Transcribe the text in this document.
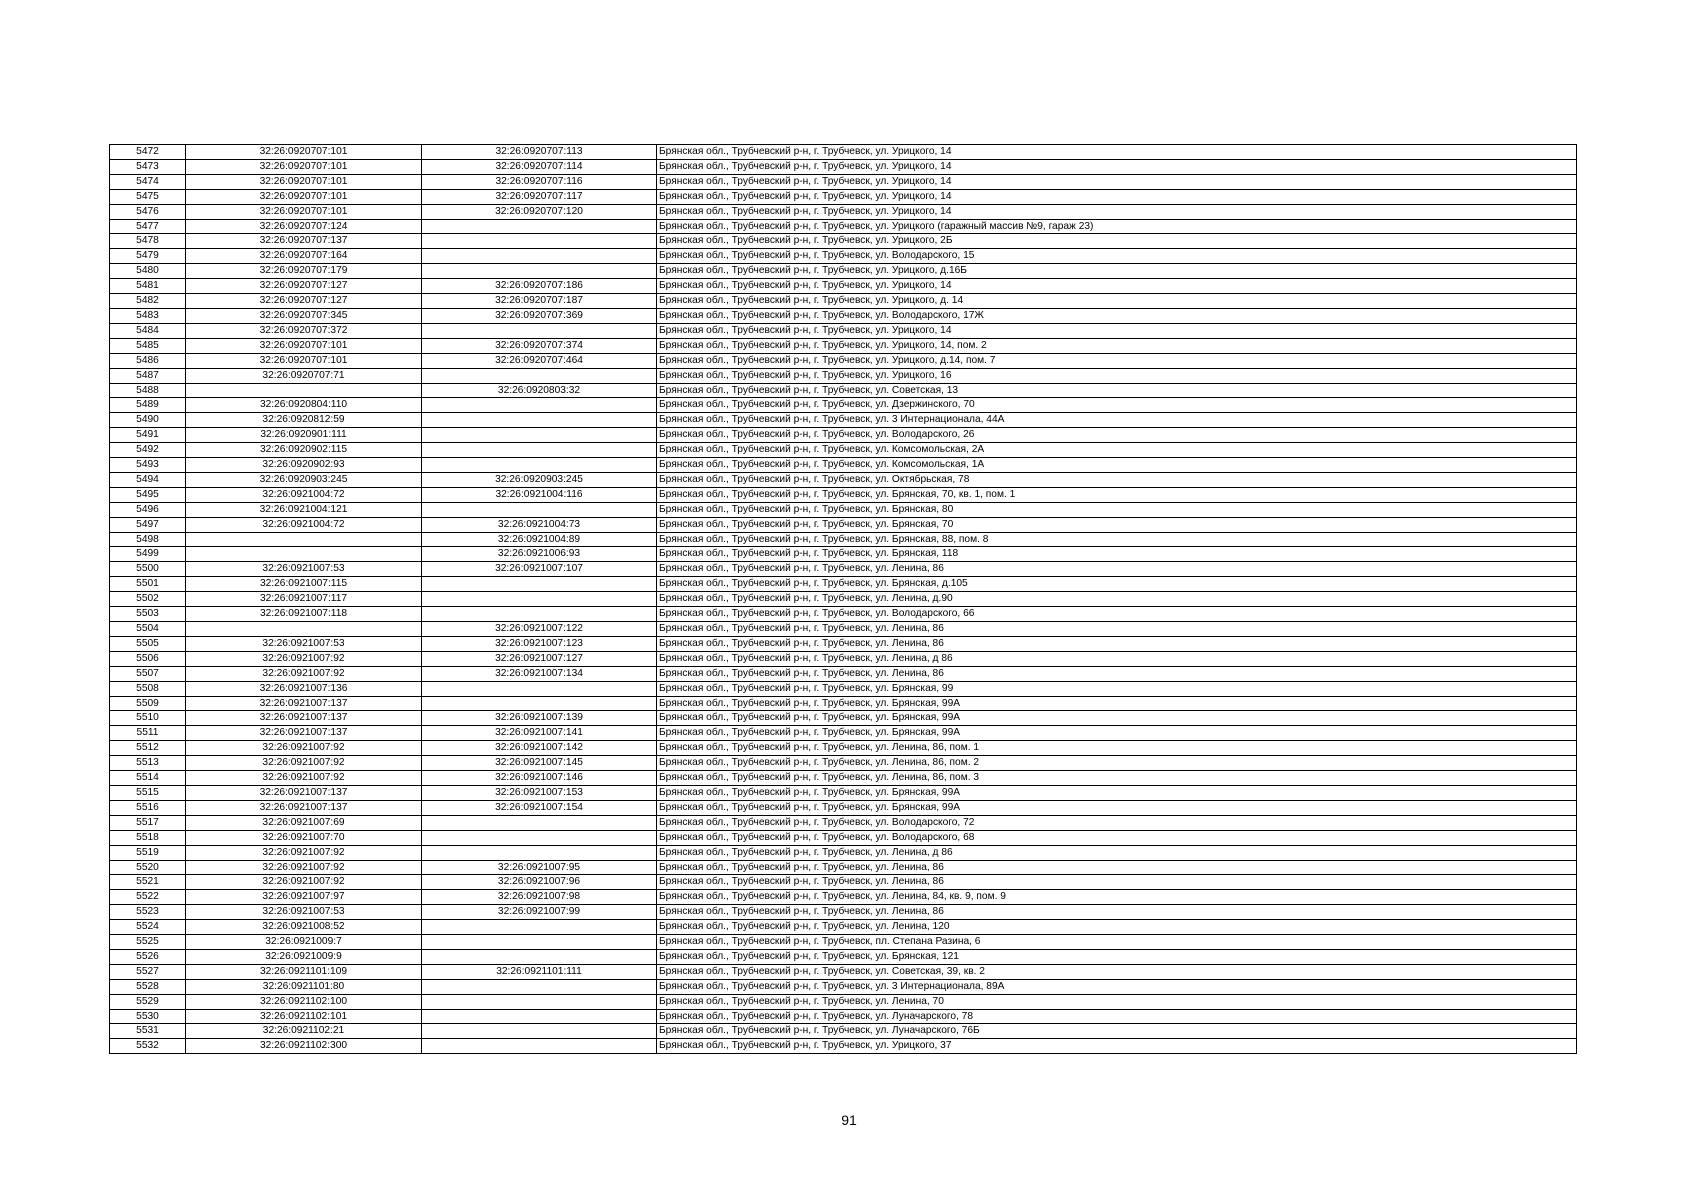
5472	32:26:0920707:101	32:26:0920707:113	Брянская обл., Трубчевский р-н, г. Трубчевск, ул. Урицкого, 14
5473	32:26:0920707:101	32:26:0920707:114	Брянская обл., Трубчевский р-н, г. Трубчевск, ул. Урицкого, 14
5474	32:26:0920707:101	32:26:0920707:116	Брянская обл., Трубчевский р-н, г. Трубчевск, ул. Урицкого, 14
5475	32:26:0920707:101	32:26:0920707:117	Брянская обл., Трубчевский р-н, г. Трубчевск, ул. Урицкого, 14
5476	32:26:0920707:101	32:26:0920707:120	Брянская обл., Трубчевский р-н, г. Трубчевск, ул. Урицкого, 14
5477	32:26:0920707:124		Брянская обл., Трубчевский р-н, г. Трубчевск, ул. Урицкого (гаражный массив №9, гараж 23)
5478	32:26:0920707:137		Брянская обл., Трубчевский р-н, г. Трубчевск, ул. Урицкого, 2Б
5479	32:26:0920707:164		Брянская обл., Трубчевский р-н, г. Трубчевск, ул. Володарского, 15
5480	32:26:0920707:179		Брянская обл., Трубчевский р-н, г. Трубчевск, ул. Урицкого, д.16Б
5481	32:26:0920707:127	32:26:0920707:186	Брянская обл., Трубчевский р-н, г. Трубчевск, ул. Урицкого, 14
5482	32:26:0920707:127	32:26:0920707:187	Брянская обл., Трубчевский р-н, г. Трубчевск, ул. Урицкого, д. 14
5483	32:26:0920707:345	32:26:0920707:369	Брянская обл., Трубчевский р-н, г. Трубчевск, ул. Володарского, 17Ж
5484	32:26:0920707:372		Брянская обл., Трубчевский р-н, г. Трубчевск, ул. Урицкого, 14
5485	32:26:0920707:101	32:26:0920707:374	Брянская обл., Трубчевский р-н, г. Трубчевск, ул. Урицкого, 14, пом. 2
5486	32:26:0920707:101	32:26:0920707:464	Брянская обл., Трубчевский р-н, г. Трубчевск, ул. Урицкого, д.14, пом. 7
5487	32:26:0920707:71		Брянская обл., Трубчевский р-н, г. Трубчевск, ул. Урицкого, 16
5488		32:26:0920803:32	Брянская обл., Трубчевский р-н, г. Трубчевск, ул. Советская, 13
5489	32:26:0920804:110		Брянская обл., Трубчевский р-н, г. Трубчевск, ул. Дзержинского, 70
5490	32:26:0920812:59		Брянская обл., Трубчевский р-н, г. Трубчевск, ул. 3 Интернационала, 44А
5491	32:26:0920901:111		Брянская обл., Трубчевский р-н, г. Трубчевск, ул. Володарского, 26
5492	32:26:0920902:115		Брянская обл., Трубчевский р-н, г. Трубчевск, ул. Комсомольская, 2А
5493	32:26:0920902:93		Брянская обл., Трубчевский р-н, г. Трубчевск, ул. Комсомольская, 1А
5494	32:26:0920903:245	32:26:0920903:245	Брянская обл., Трубчевский р-н, г. Трубчевск, ул. Октябрьская, 78
5495	32:26:0921004:72	32:26:0921004:116	Брянская обл., Трубчевский р-н, г. Трубчевск, ул. Брянская, 70, кв. 1, пом. 1
5496	32:26:0921004:121		Брянская обл., Трубчевский р-н, г. Трубчевск, ул. Брянская, 80
5497	32:26:0921004:72	32:26:0921004:73	Брянская обл., Трубчевский р-н, г. Трубчевск, ул. Брянская, 70
5498		32:26:0921004:89	Брянская обл., Трубчевский р-н, г. Трубчевск, ул. Брянская, 88, пом. 8
5499		32:26:0921006:93	Брянская обл., Трубчевский р-н, г. Трубчевск, ул. Брянская, 118
5500	32:26:0921007:53	32:26:0921007:107	Брянская обл., Трубчевский р-н, г. Трубчевск, ул. Ленина, 86
5501	32:26:0921007:115		Брянская обл., Трубчевский р-н, г. Трубчевск, ул. Брянская, д.105
5502	32:26:0921007:117		Брянская обл., Трубчевский р-н, г. Трубчевск, ул. Ленина, д.90
5503	32:26:0921007:118		Брянская обл., Трубчевский р-н, г. Трубчевск, ул. Володарского, 66
5504		32:26:0921007:122	Брянская обл., Трубчевский р-н, г. Трубчевск, ул. Ленина, 86
5505	32:26:0921007:53	32:26:0921007:123	Брянская обл., Трубчевский р-н, г. Трубчевск, ул. Ленина, 86
5506	32:26:0921007:92	32:26:0921007:127	Брянская обл., Трубчевский р-н, г. Трубчевск, ул. Ленина, д 86
5507	32:26:0921007:92	32:26:0921007:134	Брянская обл., Трубчевский р-н, г. Трубчевск, ул. Ленина, 86
5508	32:26:0921007:136		Брянская обл., Трубчевский р-н, г. Трубчевск, ул. Брянская, 99
5509	32:26:0921007:137		Брянская обл., Трубчевский р-н, г. Трубчевск, ул. Брянская, 99А
5510	32:26:0921007:137	32:26:0921007:139	Брянская обл., Трубчевский р-н, г. Трубчевск, ул. Брянская, 99А
5511	32:26:0921007:137	32:26:0921007:141	Брянская обл., Трубчевский р-н, г. Трубчевск, ул. Брянская, 99А
5512	32:26:0921007:92	32:26:0921007:142	Брянская обл., Трубчевский р-н, г. Трубчевск, ул. Ленина, 86, пом. 1
5513	32:26:0921007:92	32:26:0921007:145	Брянская обл., Трубчевский р-н, г. Трубчевск, ул. Ленина, 86, пом. 2
5514	32:26:0921007:92	32:26:0921007:146	Брянская обл., Трубчевский р-н, г. Трубчевск, ул. Ленина, 86, пом. 3
5515	32:26:0921007:137	32:26:0921007:153	Брянская обл., Трубчевский р-н, г. Трубчевск, ул. Брянская, 99А
5516	32:26:0921007:137	32:26:0921007:154	Брянская обл., Трубчевский р-н, г. Трубчевск, ул. Брянская, 99А
5517	32:26:0921007:69		Брянская обл., Трубчевский р-н, г. Трубчевск, ул. Володарского, 72
5518	32:26:0921007:70		Брянская обл., Трубчевский р-н, г. Трубчевск, ул. Володарского, 68
5519	32:26:0921007:92		Брянская обл., Трубчевский р-н, г. Трубчевск, ул. Ленина, д 86
5520	32:26:0921007:92	32:26:0921007:95	Брянская обл., Трубчевский р-н, г. Трубчевск, ул. Ленина, 86
5521	32:26:0921007:92	32:26:0921007:96	Брянская обл., Трубчевский р-н, г. Трубчевск, ул. Ленина, 86
5522	32:26:0921007:97	32:26:0921007:98	Брянская обл., Трубчевский р-н, г. Трубчевск, ул. Ленина, 84, кв. 9, пом. 9
5523	32:26:0921007:53	32:26:0921007:99	Брянская обл., Трубчевский р-н, г. Трубчевск, ул. Ленина, 86
5524	32:26:0921008:52		Брянская обл., Трубчевский р-н, г. Трубчевск, ул. Ленина, 120
5525	32:26:0921009:7		Брянская обл., Трубчевский р-н, г. Трубчевск, пл. Степана Разина, 6
5526	32:26:0921009:9		Брянская обл., Трубчевский р-н, г. Трубчевск, ул. Брянская, 121
5527	32:26:0921101:109	32:26:0921101:111	Брянская обл., Трубчевский р-н, г. Трубчевск, ул. Советская, 39, кв. 2
5528	32:26:0921101:80		Брянская обл., Трубчевский р-н, г. Трубчевск, ул. 3 Интернационала, 89А
5529	32:26:0921102:100		Брянская обл., Трубчевский р-н, г. Трубчевск, ул. Ленина, 70
5530	32:26:0921102:101		Брянская обл., Трубчевский р-н, г. Трубчевск, ул. Луначарского, 78
5531	32:26:0921102:21		Брянская обл., Трубчевский р-н, г. Трубчевск, ул. Луначарского, 76Б
5532	32:26:0921102:300		Брянская обл., Трубчевский р-н, г. Трубчевск, ул. Урицкого, 37
91
